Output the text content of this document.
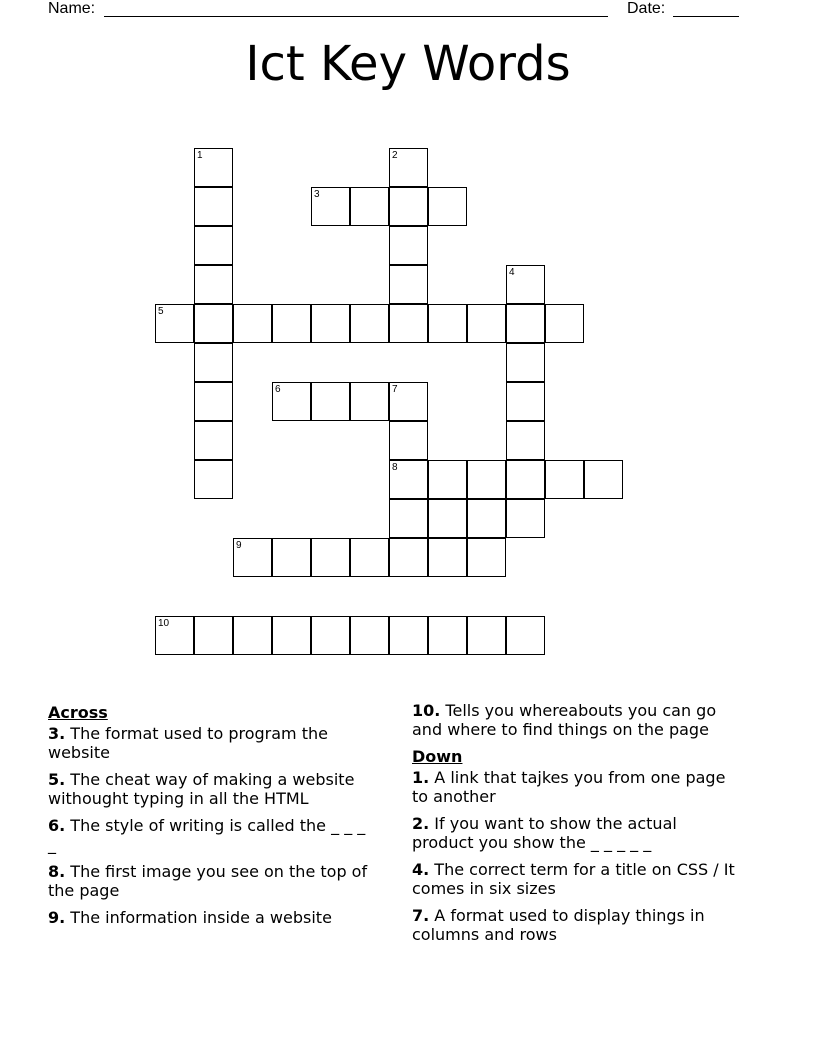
Name:	Date:
Ict Key Words
1	2
3
4
5
6	7
8
9
10
Across
3. The format used to program the website
5. The cheat way of making a website withought typing in all the HTML
6. The style of writing is called the _ _ _ _
8. The first image you see on the top of the page
9. The information inside a website
10. Tells you whereabouts you can go and where to find things on the page
Down
1. A link that tajkes you from one page to another
2. If you want to show the actual product you show the _ _ _ _ _
4. The correct term for a title on CSS / It comes in six sizes
7. A format used to display things in columns and rows
